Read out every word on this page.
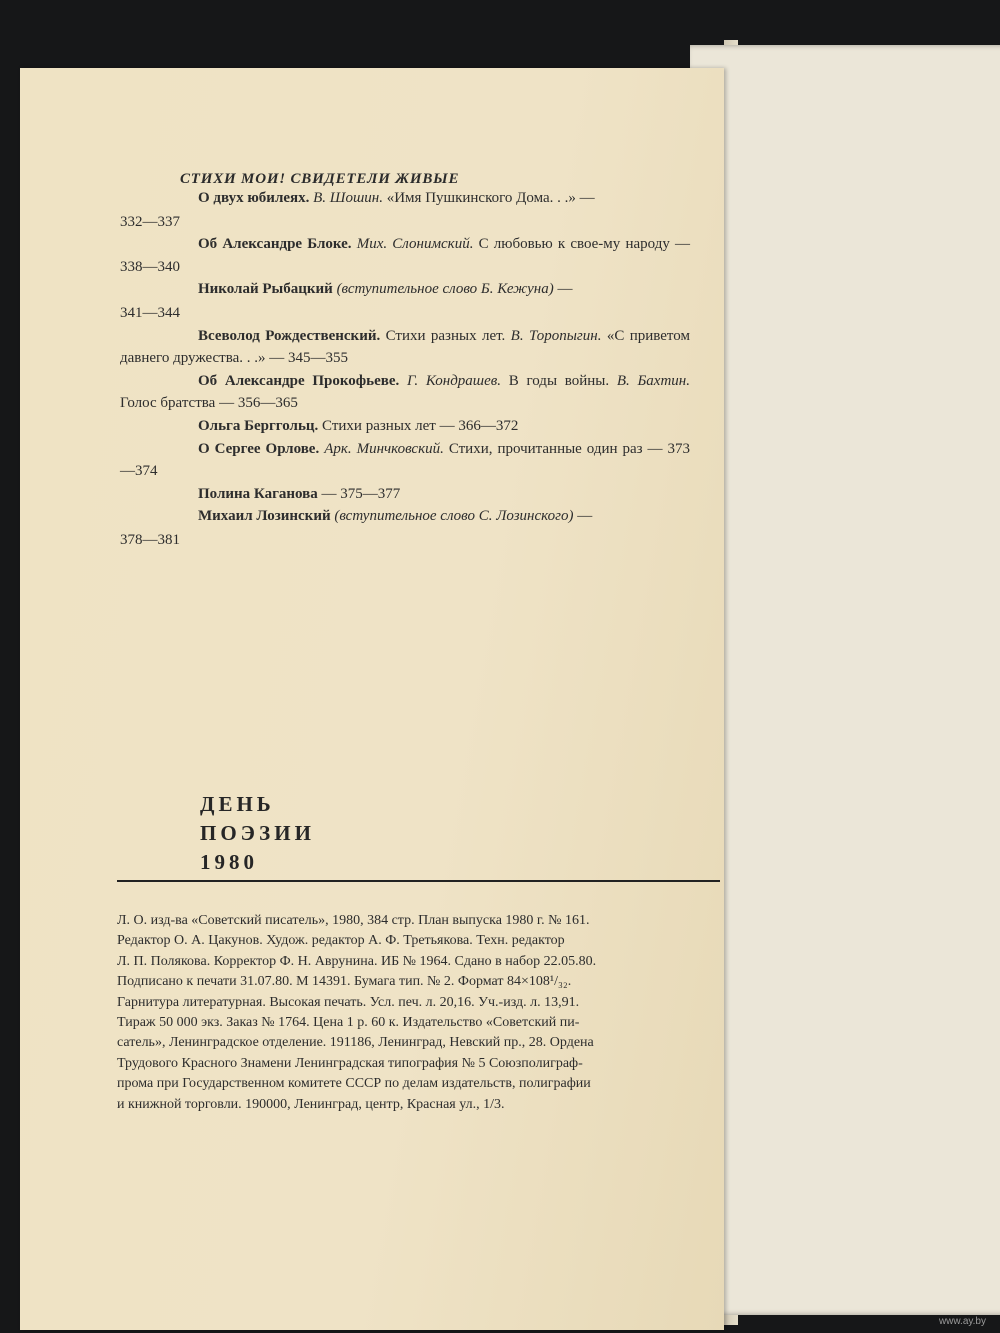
СТИХИ МОИ! СВИДЕТЕЛИ ЖИВЫЕ

О двух юбилеях. В. Шошин. «Имя Пушкинского Дома. . .» —
332—337

Об Александре Блоке. Мих. Слонимский. С любовью к свое-му народу — 338—340

Николай Рыбацкий (вступительное слово Б. Кежуна) —
341—344

Всеволод Рождественский. Стихи разных лет. В. Торопыгин. «С приветом давнего дружества. . .» — 345—355

Об Александре Прокофьеве. Г. Кондрашев. В годы войны. В. Бахтин. Голос братства — 356—365

Ольга Берггольц. Стихи разных лет — 366—372

О Сергее Орлове. Арк. Минчковский. Стихи, прочитанные один раз — 373—374

Полина Каганова — 375—377

Михаил Лозинский (вступительное слово С. Лозинского) —
378—381

ДЕНЬ
ПОЭЗИИ
1980
Л. О. изд-ва «Советский писатель», 1980, 384 стр. План выпуска 1980 г. № 161.
Редактор О. А. Цакунов. Худож. редактор А. Ф. Третьякова. Техн. редактор
Л. П. Полякова. Корректор Ф. Н. Аврунина. ИБ № 1964. Сдано в набор 22.05.80.
Подписано к печати 31.07.80. М 14391. Бумага тип. № 2. Формат 84×108¹/₃₂.
Гарнитура литературная. Высокая печать. Усл. печ. л. 20,16. Уч.-изд. л. 13,91.
Тираж 50 000 экз. Заказ № 1764. Цена 1 р. 60 к. Издательство «Советский пи-
сатель», Ленинградское отделение. 191186, Ленинград, Невский пр., 28. Ордена
Трудового Красного Знамени Ленинградская типография № 5 Союзполиграф-
прома при Государственном комитете СССР по делам издательств, полиграфии
и книжной торговли. 190000, Ленинград, центр, Красная ул., 1/3.
www.ay.by
